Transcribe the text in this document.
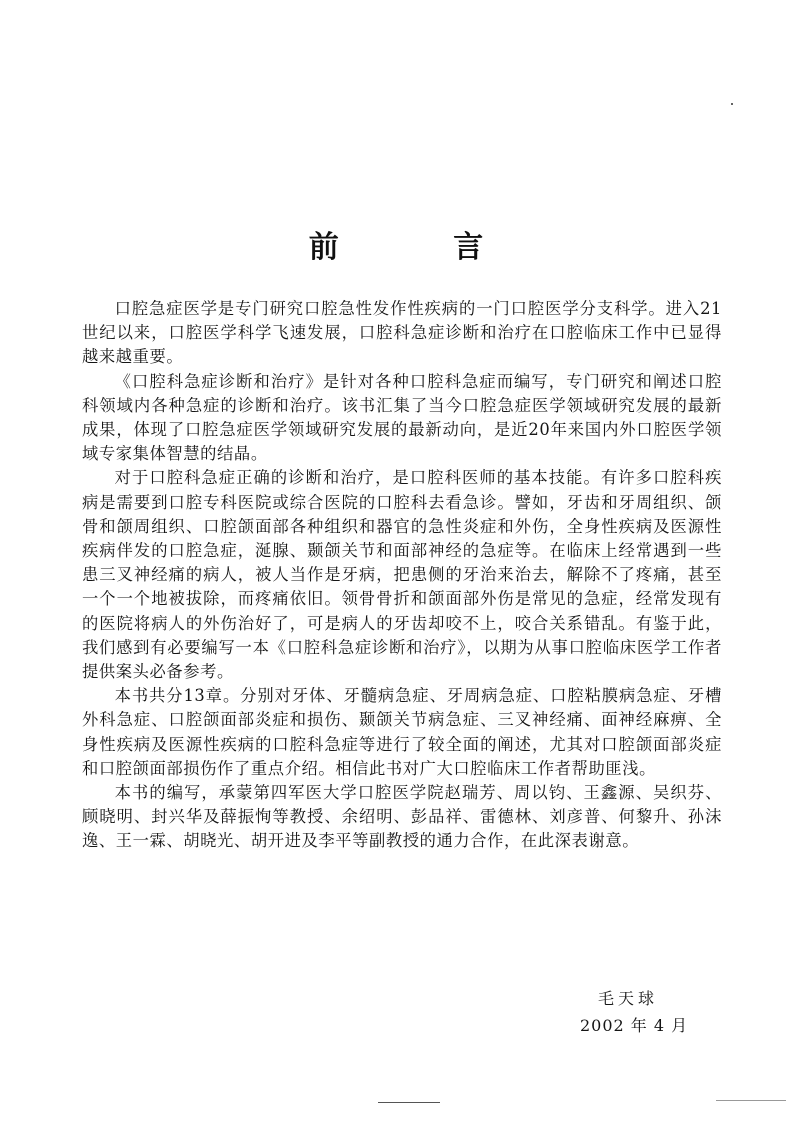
前 言

口腔急症医学是专门研究口腔急性发作性疾病的一门口腔医学分支科学。进入21世纪以来，口腔医学科学飞速发展，口腔科急症诊断和治疗在口腔临床工作中已显得越来越重要。

《口腔科急症诊断和治疗》是针对各种口腔科急症而编写，专门研究和阐述口腔科领域内各种急症的诊断和治疗。该书汇集了当今口腔急症医学领域研究发展的最新成果，体现了口腔急症医学领域研究发展的最新动向，是近20年来国内外口腔医学领域专家集体智慧的结晶。

对于口腔科急症正确的诊断和治疗，是口腔科医师的基本技能。有许多口腔科疾病是需要到口腔专科医院或综合医院的口腔科去看急诊。譬如，牙齿和牙周组织、颌骨和颌周组织、口腔颌面部各种组织和器官的急性炎症和外伤，全身性疾病及医源性疾病伴发的口腔急症，涎腺、颞颌关节和面部神经的急症等。在临床上经常遇到一些患三叉神经痛的病人，被人当作是牙病，把患侧的牙治来治去，解除不了疼痛，甚至一个一个地被拔除，而疼痛依旧。领骨骨折和颌面部外伤是常见的急症，经常发现有的医院将病人的外伤治好了，可是病人的牙齿却咬不上，咬合关系错乱。有鉴于此，我们感到有必要编写一本《口腔科急症诊断和治疗》，以期为从事口腔临床医学工作者提供案头必备参考。

本书共分13章。分别对牙体、牙髓病急症、牙周病急症、口腔粘膜病急症、牙槽外科急症、口腔颌面部炎症和损伤、颞颌关节病急症、三叉神经痛、面神经麻痹、全身性疾病及医源性疾病的口腔科急症等进行了较全面的阐述，尤其对口腔颌面部炎症和口腔颌面部损伤作了重点介绍。相信此书对广大口腔临床工作者帮助匪浅。

本书的编写，承蒙第四军医大学口腔医学院赵瑞芳、周以钧、王鑫源、吴织芬、顾晓明、封兴华及薛振恂等教授、余绍明、彭品祥、雷德林、刘彦普、何黎升、孙沫逸、王一霖、胡晓光、胡开进及李平等副教授的通力合作，在此深表谢意。

毛天球
2002 年 4 月
